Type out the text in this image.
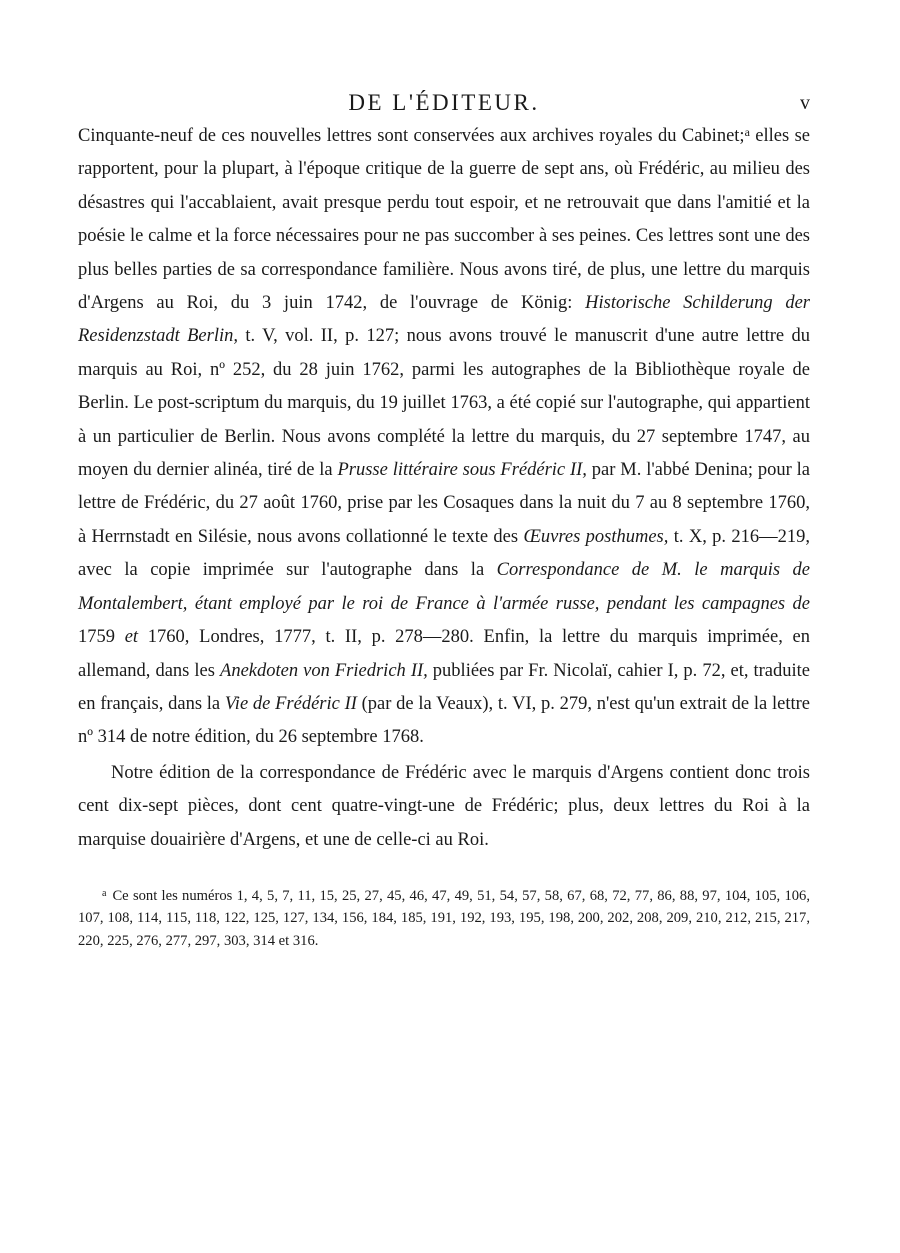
DE L'ÉDITEUR.	v

Cinquante-neuf de ces nouvelles lettres sont conservées aux archives royales du Cabinet;$^a$ elles se rapportent, pour la plupart, à l'époque critique de la guerre de sept ans, où Frédéric, au milieu des désastres qui l'accablaient, avait presque perdu tout espoir, et ne retrouvait que dans l'amitié et la poésie le calme et la force nécessaires pour ne pas succomber à ses peines. Ces lettres sont une des plus belles parties de sa correspondance familière. Nous avons tiré, de plus, une lettre du marquis d'Argens au Roi, du 3 juin 1742, de l'ouvrage de König: Historische Schilderung der Residenzstadt Berlin, t. V, vol. II, p. 127; nous avons trouvé le manuscrit d'une autre lettre du marquis au Roi, nº 252, du 28 juin 1762, parmi les autographes de la Bibliothèque royale de Berlin. Le post-scriptum du marquis, du 19 juillet 1763, a été copié sur l'autographe, qui appartient à un particulier de Berlin. Nous avons complété la lettre du marquis, du 27 septembre 1747, au moyen du dernier alinéa, tiré de la Prusse littéraire sous Frédéric II, par M. l'abbé Denina; pour la lettre de Frédéric, du 27 août 1760, prise par les Cosaques dans la nuit du 7 au 8 septembre 1760, à Herrnstadt en Silésie, nous avons collationné le texte des Œuvres posthumes, t. X, p. 216—219, avec la copie imprimée sur l'autographe dans la Correspondance de M. le marquis de Montalembert, étant employé par le roi de France à l'armée russe, pendant les campagnes de 1759 et 1760, Londres, 1777, t. II, p. 278—280. Enfin, la lettre du marquis imprimée, en allemand, dans les Anekdoten von Friedrich II, publiées par Fr. Nicolaï, cahier I, p. 72, et, traduite en français, dans la Vie de Frédéric II (par de la Veaux), t. VI, p. 279, n'est qu'un extrait de la lettre nº 314 de notre édition, du 26 septembre 1768.

Notre édition de la correspondance de Frédéric avec le marquis d'Argens contient donc trois cent dix-sept pièces, dont cent quatre-vingt-une de Frédéric; plus, deux lettres du Roi à la marquise douairière d'Argens, et une de celle-ci au Roi.

$^a$ Ce sont les numéros 1, 4, 5, 7, 11, 15, 25, 27, 45, 46, 47, 49, 51, 54, 57, 58, 67, 68, 72, 77, 86, 88, 97, 104, 105, 106, 107, 108, 114, 115, 118, 122, 125, 127, 134, 156, 184, 185, 191, 192, 193, 195, 198, 200, 202, 208, 209, 210, 212, 215, 217, 220, 225, 276, 277, 297, 303, 314 et 316.
